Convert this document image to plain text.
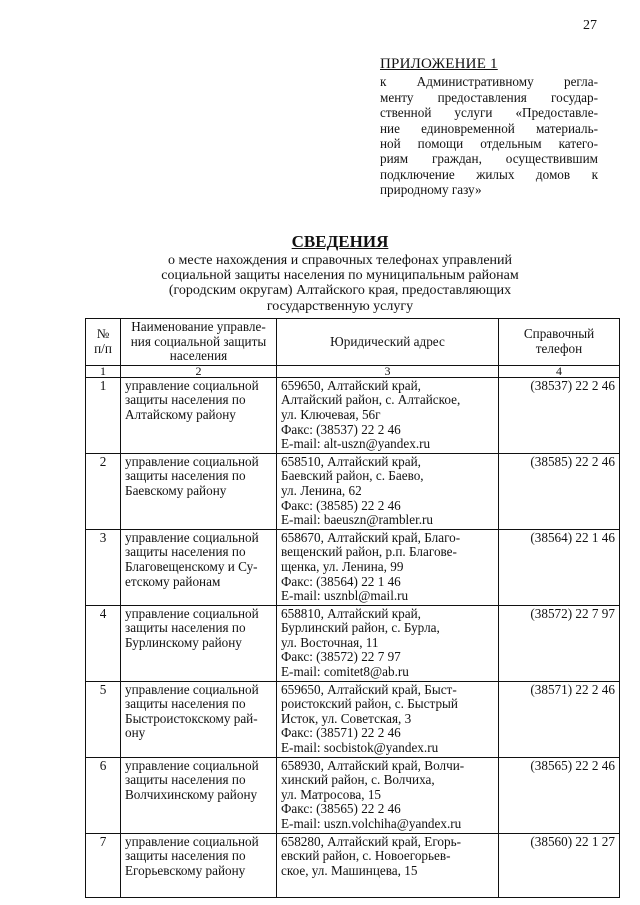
27
ПРИЛОЖЕНИЕ 1
к Административному регла-
менту предоставления государ-
ственной услуги «Предоставле-
ние единовременной материаль-
ной помощи отдельным катего-
риям граждан, осуществившим
подключение жилых домов к
природному газу»
СВЕДЕНИЯ
о месте нахождения и справочных телефонах управлений
социальной защиты населения по муниципальным районам
(городским округам) Алтайского края, предоставляющих
государственную услугу
№
п/п	Наименование управле-
ния социальной защиты
населения	Юридический адрес	Справочный
телефон

1	2	3	4
1	управление социальной
защиты населения по
Алтайскому району	659650, Алтайский край,
Алтайский район, с. Алтайское,
ул. Ключевая, 56г
Факс: (38537) 22 2 46
E-mail: alt-uszn@yandex.ru	(38537) 22 2 46
2	управление социальной
защиты населения по
Баевскому району	658510, Алтайский край,
Баевский район, с. Баево,
ул. Ленина, 62
Факс: (38585) 22 2 46
E-mail: baeuszn@rambler.ru	(38585) 22 2 46
3	управление социальной
защиты населения по
Благовещенскому и Су-
етскому районам	658670, Алтайский край, Благо-
вещенский район, р.п. Благове-
щенка, ул. Ленина, 99
Факс: (38564) 22 1 46
E-mail: usznbl@mail.ru	(38564) 22 1 46
4	управление социальной
защиты населения по
Бурлинскому району	658810, Алтайский край,
Бурлинский район, с. Бурла,
ул. Восточная, 11
Факс: (38572) 22 7 97
E-mail: comitet8@ab.ru	(38572) 22 7 97
5	управление социальной
защиты населения по
Быстроистокскому рай-
ону	659650, Алтайский край, Быст-
роистокский район, с. Быстрый
Исток, ул. Советская, 3
Факс: (38571) 22 2 46
E-mail: socbistok@yandex.ru	(38571) 22 2 46
6	управление социальной
защиты населения по
Волчихинскому району	658930, Алтайский край, Волчи-
хинский район, с. Волчиха,
ул. Матросова, 15
Факс: (38565) 22 2 46
E-mail: uszn.volchiha@yandex.ru	(38565) 22 2 46
7	управление социальной
защиты населения по
Егорьевскому району	658280, Алтайский край, Егорь-
евский район, с. Новоегорьев-
ское, ул. Машинцева, 15	(38560) 22 1 27
